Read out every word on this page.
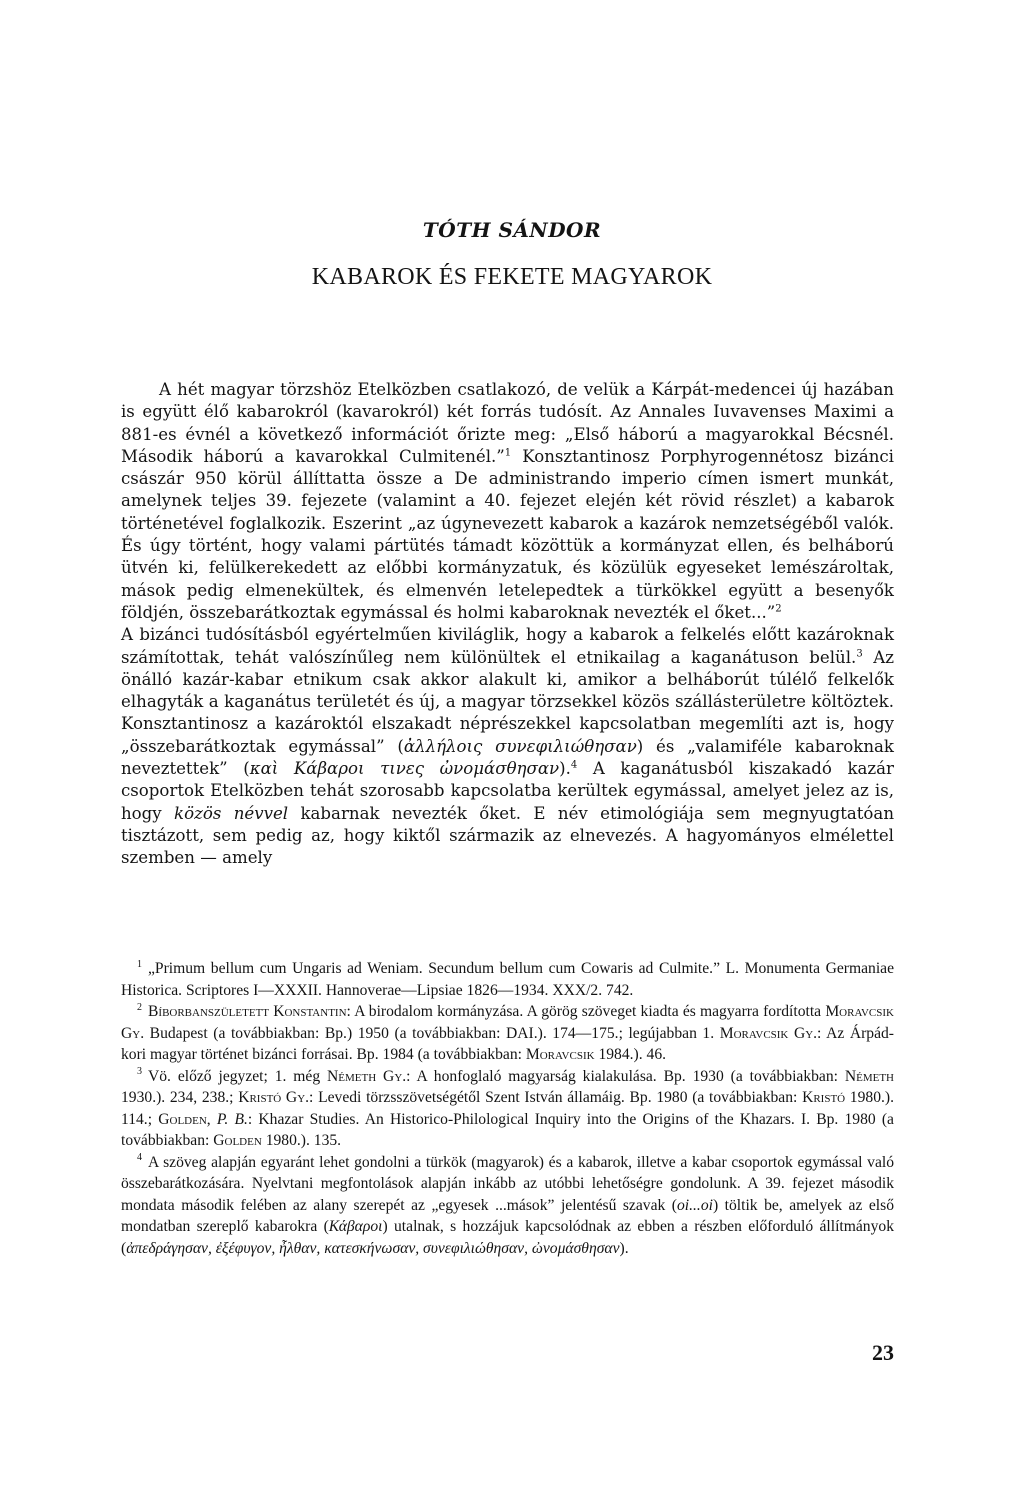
TÓTH SÁNDOR
KABAROK ÉS FEKETE MAGYAROK

A hét magyar törzshöz Etelközben csatlakozó, de velük a Kárpát-medencei új hazában is együtt élő kabarokról (kavarokról) két forrás tudósít. Az Annales Iuvavenses Maximi a 881-es évnél a következő információt őrizte meg: „Első háború a magyarokkal Bécsnél. Második háború a kavarokkal Culmitenél.”$^1$ Konsztantinosz Porphyrogennétosz bizánci császár 950 körül állíttatta össze a De administrando imperio címen ismert munkát, amelynek teljes 39. fejezete (valamint a 40. fejezet elején két rövid részlet) a kabarok történetével foglalkozik. Eszerint „az úgynevezett kabarok a kazárok nemzetségéből valók. És úgy történt, hogy valami pártütés támadt közöttük a kormányzat ellen, és belháború ütvén ki, felülkerekedett az előbbi kormányzatuk, és közülük egyeseket lemészároltak, mások pedig elmenekültek, és elmenvén letelepedtek a türkökkel együtt a besenyők földjén, összebarátkoztak egymással és holmi kabaroknak nevezték el őket...”$^2$

A bizánci tudósításból egyértelműen kiviláglik, hogy a kabarok a felkelés előtt kazároknak számítottak, tehát valószínűleg nem különültek el etnikailag a kaganátuson belül.$^3$ Az önálló kazár-kabar etnikum csak akkor alakult ki, amikor a belháborút túlélő felkelők elhagyták a kaganátus területét és új, a magyar törzsekkel közös szállásterületre költöztek. Konsztantinosz a kazároktól elszakadt néprészekkel kapcsolatban megemlíti azt is, hogy „összebarátkoztak egymással” (ἀλλήλοις συνεφιλιώθησαν) és „valamiféle kabaroknak neveztettek” (καὶ Κάβαροι τινες ὠνομάσθησαν).$^4$ A kaganátusból kiszakadó kazár csoportok Etelközben tehát szorosabb kapcsolatba kerültek egymással, amelyet jelez az is, hogy közös névvel kabarnak nevezték őket. E név etimológiája sem megnyugtatóan tisztázott, sem pedig az, hogy kiktől származik az elnevezés. A hagyományos elmélettel szemben — amely

$^1$ „Primum bellum cum Ungaris ad Weniam. Secundum bellum cum Cowaris ad Culmite.” L. Monumenta Germaniae Historica. Scriptores I—XXXII. Hannoverae—Lipsiae 1826—1934. XXX/2. 742.

$^2$ Bíborbanszületett Konstantin: A birodalom kormányzása. A görög szöveget kiadta és magyarra fordította Moravcsik Gy. Budapest (a továbbiakban: Bp.) 1950 (a továbbiakban: DAI.). 174—175.; legújabban 1. Moravcsik Gy.: Az Árpád-kori magyar történet bizánci forrásai. Bp. 1984 (a továbbiakban: Moravcsik 1984.). 46.

$^3$ Vö. előző jegyzet; 1. még Németh Gy.: A honfoglaló magyarság kialakulása. Bp. 1930 (a továbbiakban: Németh 1930.). 234, 238.; Kristó Gy.: Levedi törzsszövetségétől Szent István államáig. Bp. 1980 (a továbbiakban: Kristó 1980.). 114.; Golden, P. B.: Khazar Studies. An Historico-Philological Inquiry into the Origins of the Khazars. I. Bp. 1980 (a továbbiakban: Golden 1980.). 135.

$^4$ A szöveg alapján egyaránt lehet gondolni a türkök (magyarok) és a kabarok, illetve a kabar csoportok egymással való összebarátkozására. Nyelvtani megfontolások alapján inkább az utóbbi lehetőségre gondolunk. A 39. fejezet második mondata második felében az alany szerepét az „egyesek ...mások” jelentésű szavak (oi...oi) töltik be, amelyek az első mondatban szereplő kabarokra (Κάβαροι) utalnak, s hozzájuk kapcsolódnak az ebben a részben előforduló állítmányok (ἀπεδράγησαν, ἐξέφυγον, ἦλθαν, κατεσκήνωσαν, συνεφιλιώθησαν, ὠνομάσθησαν).

23
